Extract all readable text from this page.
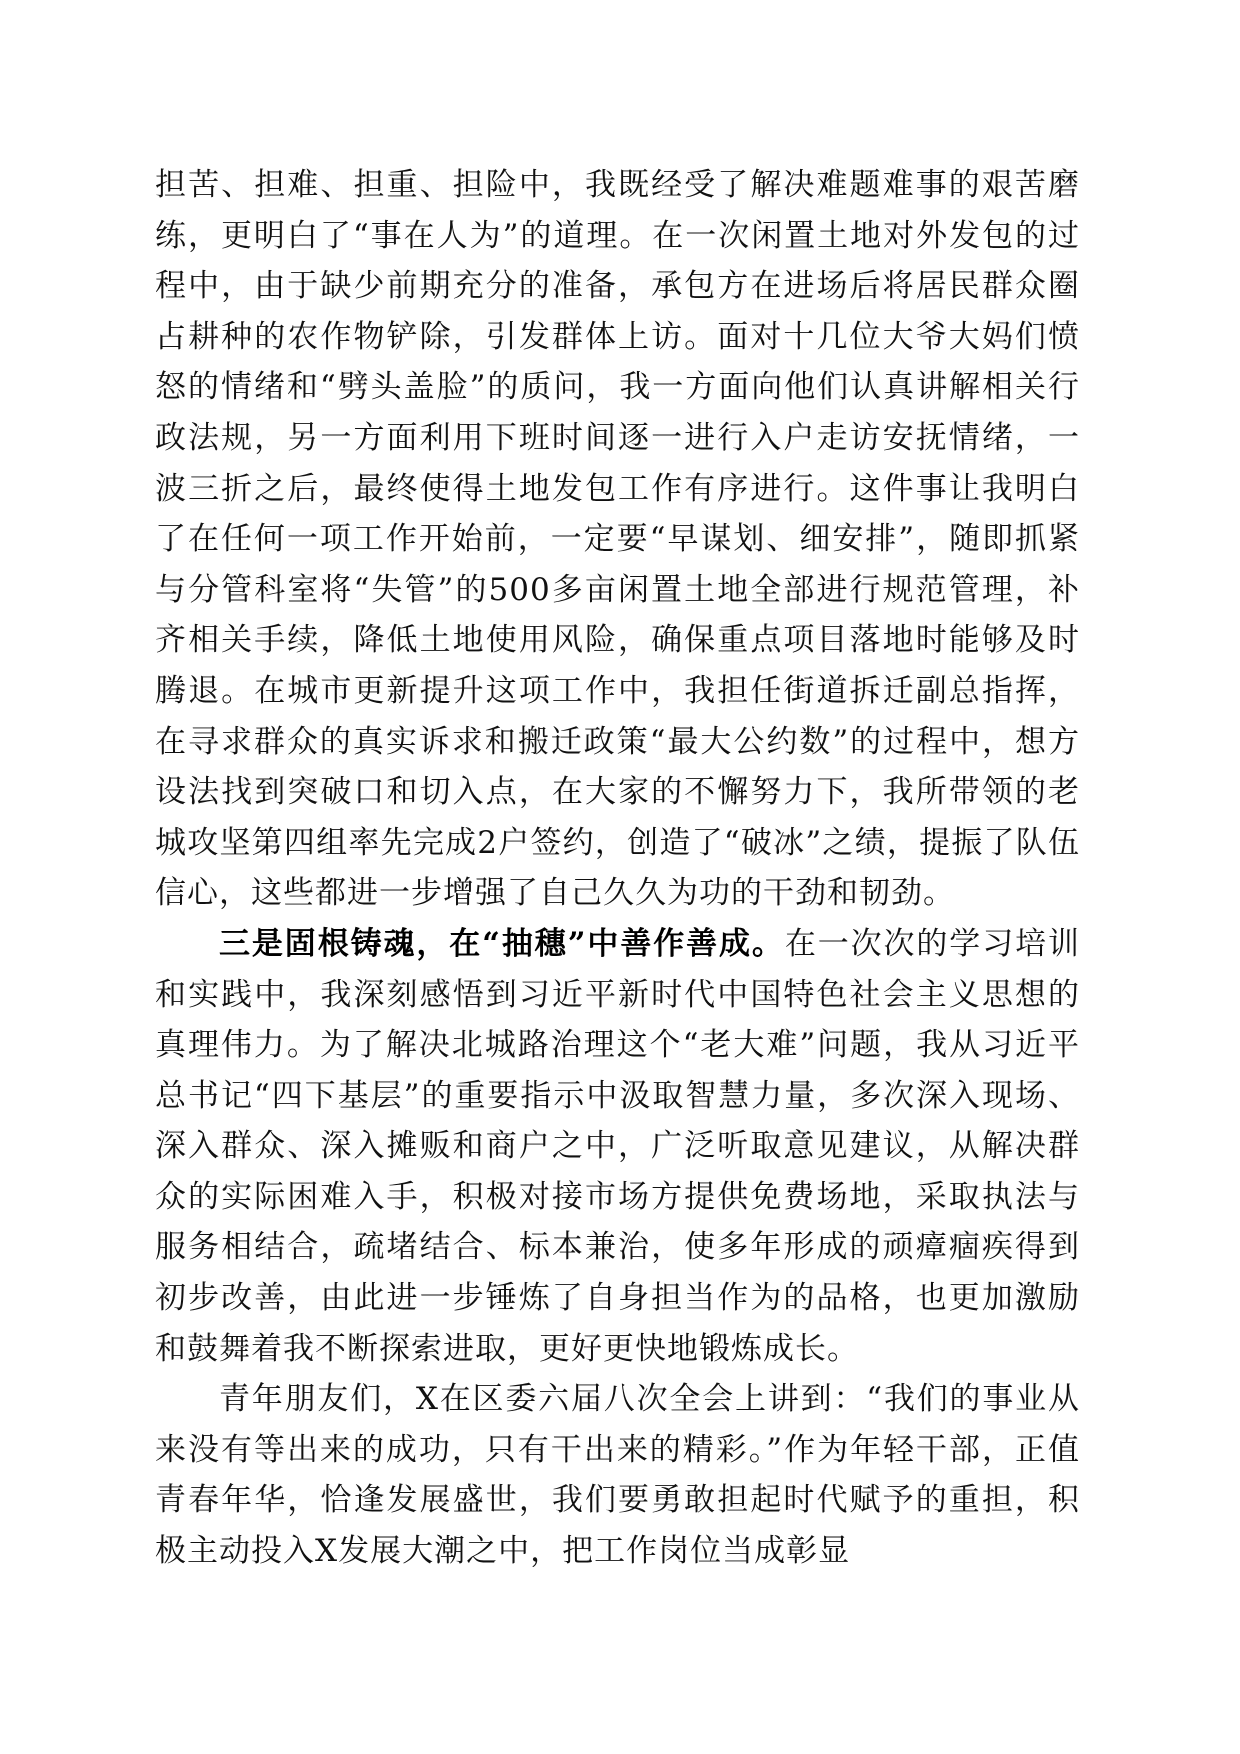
担苦、担难、担重、担险中，我既经受了解决难题难事的艰苦磨练，更明白了“事在人为”的道理。在一次闲置土地对外发包的过程中，由于缺少前期充分的准备，承包方在进场后将居民群众圈占耕种的农作物铲除，引发群体上访。面对十几位大爷大妈们愤怒的情绪和“劈头盖脸”的质问，我一方面向他们认真讲解相关行政法规，另一方面利用下班时间逐一进行入户走访安抚情绪，一波三折之后，最终使得土地发包工作有序进行。这件事让我明白了在任何一项工作开始前，一定要“早谋划、细安排”，随即抓紧与分管科室将“失管”的500多亩闲置土地全部进行规范管理，补齐相关手续，降低土地使用风险，确保重点项目落地时能够及时腾退。在城市更新提升这项工作中，我担任街道拆迁副总指挥，在寻求群众的真实诉求和搬迁政策“最大公约数”的过程中，想方设法找到突破口和切入点，在大家的不懈努力下，我所带领的老城攻坚第四组率先完成2户签约，创造了“破冰”之绩，提振了队伍信心，这些都进一步增强了自己久久为功的干劲和韧劲。

三是固根铸魂，在“抽穗”中善作善成。在一次次的学习培训和实践中，我深刻感悟到习近平新时代中国特色社会主义思想的真理伟力。为了解决北城路治理这个“老大难”问题，我从习近平总书记“四下基层”的重要指示中汲取智慧力量，多次深入现场、深入群众、深入摊贩和商户之中，广泛听取意见建议，从解决群众的实际困难入手，积极对接市场方提供免费场地，采取执法与服务相结合，疏堵结合、标本兼治，使多年形成的顽瘴痼疾得到初步改善，由此进一步锤炼了自身担当作为的品格，也更加激励和鼓舞着我不断探索进取，更好更快地锻炼成长。

青年朋友们，X在区委六届八次全会上讲到：“我们的事业从来没有等出来的成功，只有干出来的精彩。”作为年轻干部，正值青春年华，恰逢发展盛世，我们要勇敢担起时代赋予的重担，积极主动投入X发展大潮之中，把工作岗位当成彰显
